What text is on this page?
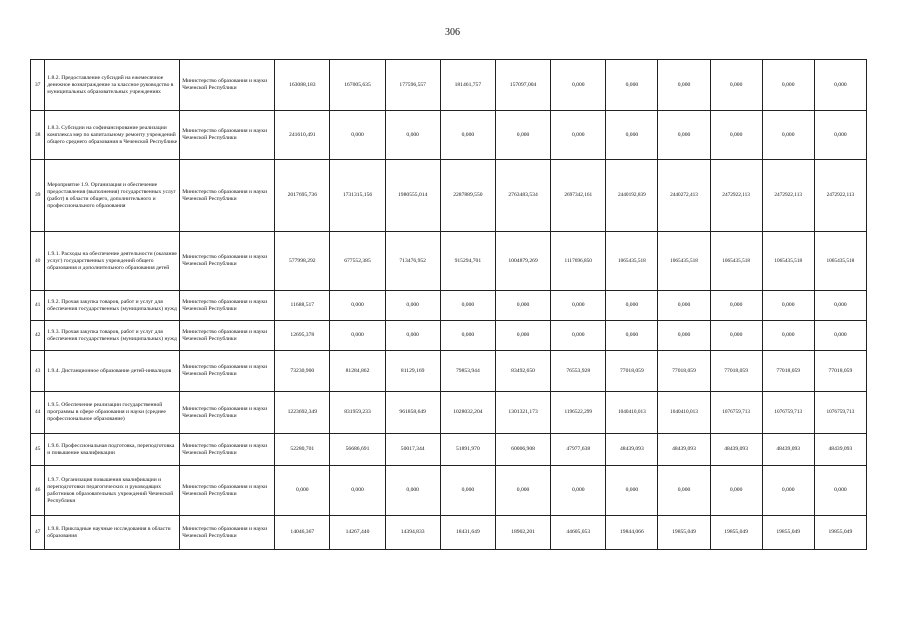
306
37	1.8.2. Предоставление субсидий на ежемесячное денежное вознаграждение за классное руководство в муниципальных образовательных учреждениях	Министерство образования и науки Чеченской Республики	163088,183	167005,635	177596,557	181461,757	157097,004	0,000	0,000	0,000	0,000	0,000	0,000
38	1.8.3. Субсидии на софинансирование реализации комплекса мер по капитальному ремонту учреждений общего среднего образования в Чеченской Республике	Министерство образования и науки Чеченской Республики	241610,491	0,000	0,000	0,000	0,000	0,000	0,000	0,000	0,000	0,000	0,000
39	Мероприятие 1.9. Организация и обеспечение предоставления (выполнения) государственных услуг (работ) в области общего, дополнительного и профессионального образования	Министерство образования и науки Чеченской Республики	2017695,736	1731315,156	1980555,014	2287889,550	2763483,534	2697342,161	2440192,839	2440272,413	2472922,113	2472922,113	2472922,113
40	1.9.1. Расходы на обеспечение деятельности (оказание услуг) государственных учреждений общего образования и дополнительного образования детей	Министерство образования и науки Чеченской Республики	577998,292	677552,385	713476,952	915294,701	1004879,269	1117696,850	1065435,518	1065435,518	1065435,518	1065435,518	1065435,518
41	1.9.2. Прочая закупка товаров, работ и услуг для обеспечения государственных (муниципальных) нужд	Министерство образования и науки Чеченской Республики	11688,517	0,000	0,000	0,000	0,000	0,000	0,000	0,000	0,000	0,000	0,000
42	1.9.3. Прочая закупка товаров, работ и услуг для обеспечения государственных (муниципальных) нужд	Министерство образования и науки Чеченской Республики	12695,378	0,000	0,000	0,000	0,000	0,000	0,000	0,000	0,000	0,000	0,000
43	1.9.4. Дистанционное образование детей-инвалидов	Министерство образования и науки Чеченской Республики	73230,900	81284,862	81129,169	79853,944	83492,650	76553,928	77018,059	77018,059	77018,059	77018,059	77018,059
44	1.9.5. Обеспечение реализации государственной программы в сфере образования и науки (среднее профессиональное образование)	Министерство образования и науки Чеченской Республики	1223692,349	831959,233	961858,649	1028032,204	1301321,173	1196522,299	1040410,013	1040410,013	1076759,713	1076759,713	1076759,713
45	1.9.6. Профессиональная подготовка, переподготовка и повышение квалификации	Министерство образования и науки Чеченской Республики	52280,701	56686,691	50017,344	51891,970	60006,908	47977,638	48439,093	48439,093	48439,093	48439,093	48439,093
46	1.9.7. Организация повышения квалификации и переподготовки педагогических и руководящих работников образовательных учреждений Чеченской Республики	Министерство образования и науки Чеченской Республики	0,000	0,000	0,000	0,000	0,000	0,000	0,000	0,000	0,000	0,000	0,000
47	1.9.8. Прикладные научные исследования в области образования	Министерство образования и науки Чеченской Республики	14046,367	14267,440	14394,833	18431,649	18902,201	44605,053	19844,066	19855,049	19855,049	19855,049	19855,049
